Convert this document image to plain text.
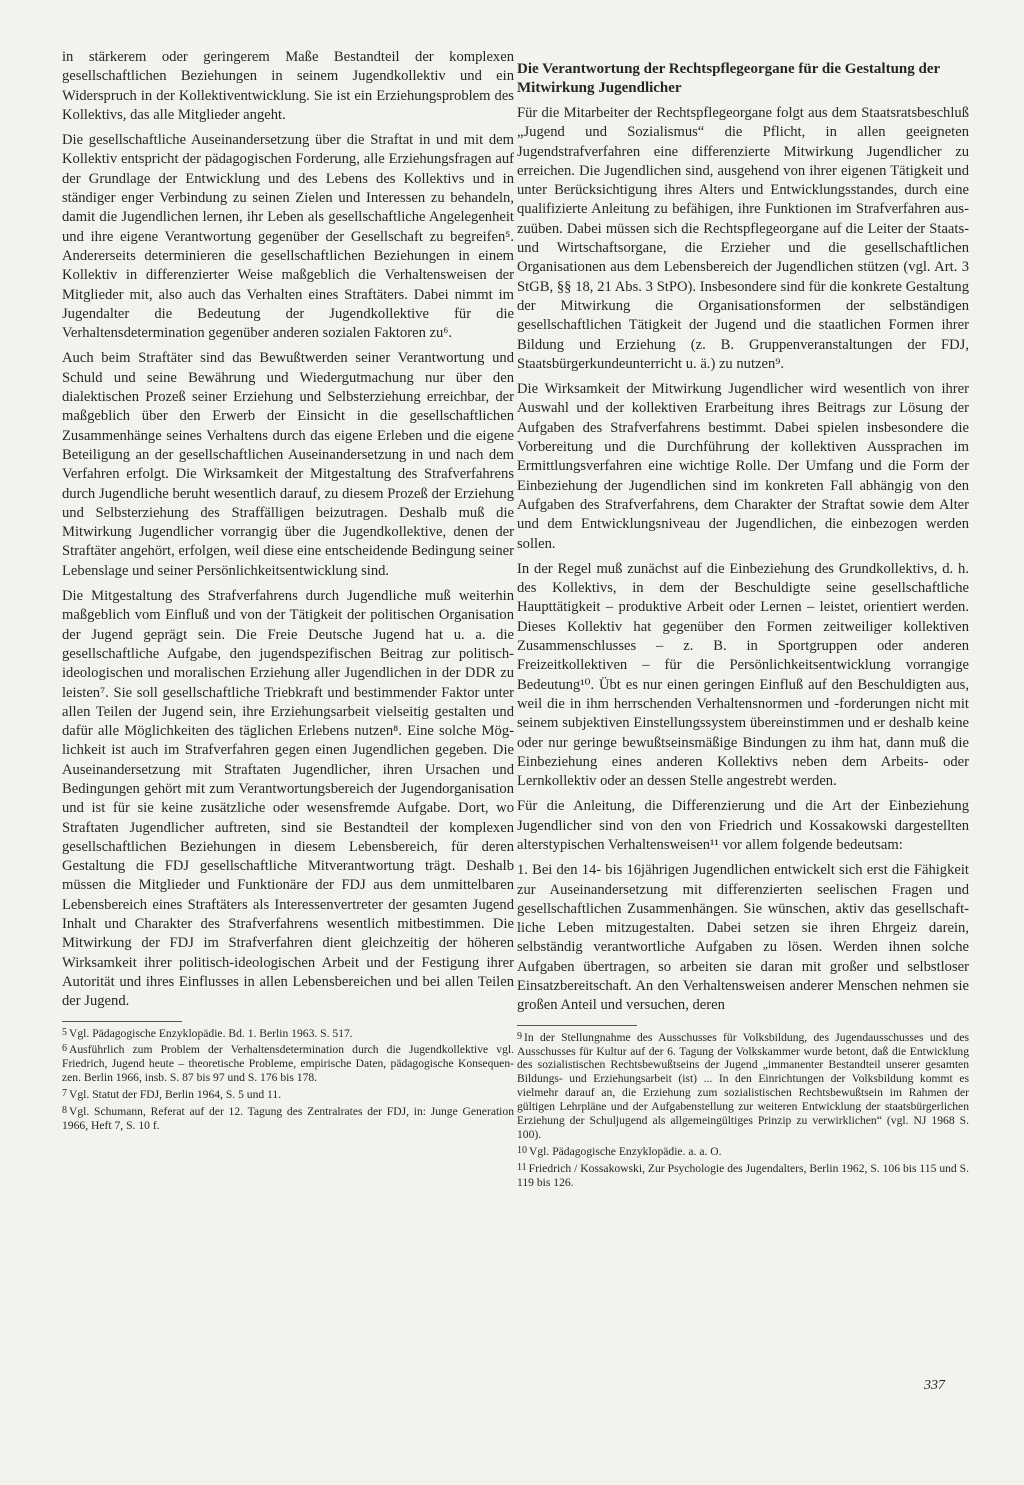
in stärkerem oder geringerem Maße Bestandteil der komplexen gesellschaftlichen Beziehungen in seinem Jugendkollektiv und ein Widerspruch in der Kollektiventwicklung. Sie ist ein Erziehungsproblem des Kollektivs, das alle Mitglieder angeht.

Die gesellschaftliche Auseinandersetzung über die Straftat in und mit dem Kollektiv entspricht der pädagogischen Forderung, alle Erziehungsfragen auf der Grundlage der Entwicklung und des Lebens des Kollektivs und in ständiger enger Verbindung zu seinen Zielen und Interessen zu behandeln, damit die Jugendlichen lernen, ihr Leben als gesellschaftliche Angelegenheit und ihre eigene Verantwortung gegenüber der Gesellschaft zu begreifen⁵. Andererseits determinieren die gesellschaftlichen Beziehungen in einem Kollektiv in differenzierter Weise maßgeblich die Verhaltensweisen der Mitglieder mit, also auch das Verhalten eines Straftäters. Dabei nimmt im Jugendalter die Bedeutung der Jugendkollektive für die Verhaltensdetermination gegenüber anderen sozialen Faktoren zu⁶.

Auch beim Straftäter sind das Bewußtwerden seiner Verantwortung und Schuld und seine Bewährung und Wiedergutmachung nur über den dialektischen Prozeß seiner Erziehung und Selbsterziehung erreichbar, der maßgeblich über den Erwerb der Einsicht in die gesellschaftlichen Zusammenhänge seines Verhaltens durch das eigene Erleben und die eigene Beteiligung an der gesellschaftlichen Auseinandersetzung in und nach dem Verfahren erfolgt. Die Wirksamkeit der Mitgestaltung des Strafverfahrens durch Jugendliche beruht wesentlich darauf, zu diesem Prozeß der Erziehung und Selbsterziehung des Straffälligen beizutragen. Deshalb muß die Mitwirkung Jugendlicher vorrangig über die Jugendkollektive, denen der Straftäter angehört, erfolgen, weil diese eine entscheidende Bedingung seiner Lebenslage und seiner Persönlichkeitsentwicklung sind.

Die Mitgestaltung des Strafverfahrens durch Jugendliche muß weiterhin maßgeblich vom Einfluß und von der Tätigkeit der politischen Organisation der Jugend geprägt sein. Die Freie Deutsche Jugend hat u. a. die gesellschaftliche Aufgabe, den jugendspezifischen Beitrag zur politisch-ideologischen und moralischen Erziehung aller Jugendlichen in der DDR zu leisten⁷. Sie soll gesellschaftliche Triebkraft und bestimmender Faktor unter allen Teilen der Jugend sein, ihre Erziehungsarbeit vielseitig gestalten und dafür alle Möglichkeiten des täglichen Erlebens nutzen⁸. Eine solche Möglichkeit ist auch im Strafverfahren gegen einen Jugendlichen gegeben. Die Auseinandersetzung mit Straftaten Jugendlicher, ihren Ursachen und Bedingungen gehört mit zum Verantwortungsbereich der Jugendorganisation und ist für sie keine zusätzliche oder wesensfremde Aufgabe. Dort, wo Straftaten Jugendlicher auftreten, sind sie Bestandteil der komplexen gesellschaftlichen Beziehungen in diesem Lebensbereich, für deren Gestaltung die FDJ gesellschaftliche Mitverantwortung trägt. Deshalb müssen die Mitglieder und Funktionäre der FDJ aus dem unmittelbaren Lebensbereich eines Straftäters als Interessenvertreter der gesamten Jugend Inhalt und Charakter des Strafverfahrens wesentlich mitbestimmen. Die Mitwirkung der FDJ im Strafverfahren dient gleichzeitig der höheren Wirksamkeit ihrer politisch-ideologischen Arbeit und der Festigung ihrer Autorität und ihres Einflusses in allen Lebensbereichen und bei allen Teilen der Jugend.

5 Vgl. Pädagogische Enzyklopädie. Bd. 1. Berlin 1963. S. 517.
6 Ausführlich zum Problem der Verhaltensdetermination durch die Jugendkollektive vgl. Friedrich, Jugend heute – theoretische Probleme, empirische Daten, pädagogische Konsequenzen. Berlin 1966, insb. S. 87 bis 97 und S. 176 bis 178.
7 Vgl. Statut der FDJ, Berlin 1964, S. 5 und 11.
8 Vgl. Schumann, Referat auf der 12. Tagung des Zentralrates der FDJ, in: Junge Generation 1966, Heft 7, S. 10 f.
Die Verantwortung der Rechtspflegeorgane für die Gestaltung der Mitwirkung Jugendlicher

Für die Mitarbeiter der Rechtspflegeorgane folgt aus dem Staatsratsbeschluß „Jugend und Sozialismus“ die Pflicht, in allen geeigneten Jugendstrafverfahren eine differenzierte Mitwirkung Jugendlicher zu erreichen. Die Jugendlichen sind, ausgehend von ihrer eigenen Tätigkeit und unter Berücksichtigung ihres Alters und Entwicklungsstandes, durch eine qualifizierte Anleitung zu befähigen, ihre Funktionen im Strafverfahren auszuüben. Dabei müssen sich die Rechtspflegeorgane auf die Leiter der Staats- und Wirtschaftsorgane, die Erzieher und die gesellschaftlichen Organisationen aus dem Lebensbereich der Jugendlichen stützen (vgl. Art. 3 StGB, §§ 18, 21 Abs. 3 StPO). Insbesondere sind für die konkrete Gestaltung der Mitwirkung die Organisationsformen der selbständigen gesellschaftlichen Tätigkeit der Jugend und die staatlichen Formen ihrer Bildung und Erziehung (z. B. Gruppenveranstaltungen der FDJ, Staatsbürgerkundeunterricht u. ä.) zu nutzen⁹.

Die Wirksamkeit der Mitwirkung Jugendlicher wird wesentlich von ihrer Auswahl und der kollektiven Erarbeitung ihres Beitrags zur Lösung der Aufgaben des Strafverfahrens bestimmt. Dabei spielen insbesondere die Vorbereitung und die Durchführung der kollektiven Aussprachen im Ermittlungsverfahren eine wichtige Rolle. Der Umfang und die Form der Einbeziehung der Jugendlichen sind im konkreten Fall abhängig von den Aufgaben des Strafverfahrens, dem Charakter der Straftat sowie dem Alter und dem Entwicklungsniveau der Jugendlichen, die einbezogen werden sollen.

In der Regel muß zunächst auf die Einbeziehung des Grundkollektivs, d. h. des Kollektivs, in dem der Beschuldigte seine gesellschaftliche Haupttätigkeit – produktive Arbeit oder Lernen – leistet, orientiert werden. Dieses Kollektiv hat gegenüber den Formen zeitweiliger kollektiven Zusammenschlusses – z. B. in Sportgruppen oder anderen Freizeitkollektiven – für die Persönlichkeitsentwicklung vorrangige Bedeutung¹⁰. Übt es nur einen geringen Einfluß auf den Beschuldigten aus, weil die in ihm herrschenden Verhaltensnormen und -forderungen nicht mit seinem subjektiven Einstellungssystem übereinstimmen und er deshalb keine oder nur geringe bewußtseinsmäßige Bindungen zu ihm hat, dann muß die Einbeziehung eines anderen Kollektivs neben dem Arbeits- oder Lernkollektiv oder an dessen Stelle angestrebt werden.

Für die Anleitung, die Differenzierung und die Art der Einbeziehung Jugendlicher sind von den von Friedrich und Kossakowski dargestellten alterstypischen Verhaltensweisen¹¹ vor allem folgende bedeutsam:

1. Bei den 14- bis 16jährigen Jugendlichen entwickelt sich erst die Fähigkeit zur Auseinandersetzung mit differenzierten seelischen Fragen und gesellschaftlichen Zusammenhängen. Sie wünschen, aktiv das gesellschaftliche Leben mitzugestalten. Dabei setzen sie ihren Ehrgeiz darein, selbständig verantwortliche Aufgaben zu lösen. Werden ihnen solche Aufgaben übertragen, so arbeiten sie daran mit großer und selbstloser Einsatzbereitschaft. An den Verhaltensweisen anderer Menschen nehmen sie großen Anteil und versuchen, deren

9 In der Stellungnahme des Ausschusses für Volksbildung, des Jugendausschusses und des Ausschusses für Kultur auf der 6. Tagung der Volkskammer wurde betont, daß die Entwicklung des sozialistischen Rechtsbewußtseins der Jugend „immanenter Bestandteil unserer gesamten Bildungs- und Erziehungsarbeit (ist) ... In den Einrichtungen der Volksbildung kommt es vielmehr darauf an, die Erziehung zum sozialistischen Rechtsbewußtsein im Rahmen der gültigen Lehrpläne und der Aufgabenstellung zur weiteren Entwicklung der staatsbürgerlichen Erziehung der Schuljugend als allgemeingültiges Prinzip zu verwirklichen“ (vgl. NJ 1968 S. 100).
10 Vgl. Pädagogische Enzyklopädie. a. a. O.
11 Friedrich / Kossakowski, Zur Psychologie des Jugendalters, Berlin 1962, S. 106 bis 115 und S. 119 bis 126.
337
